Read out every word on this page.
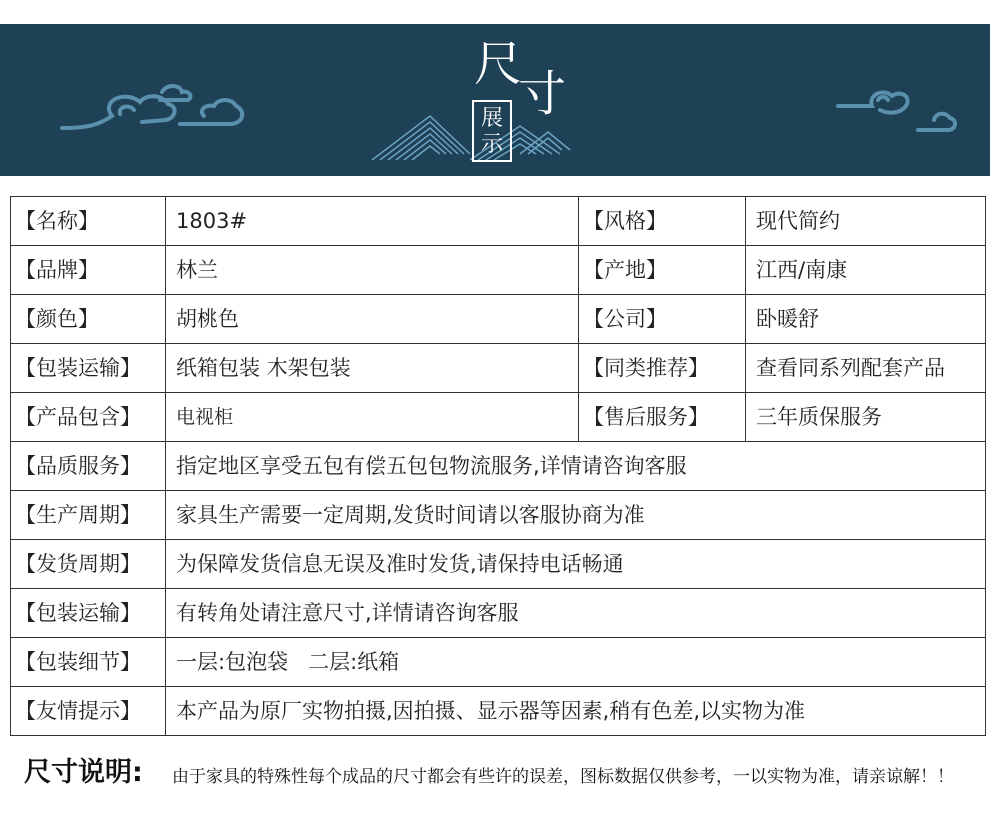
尺
寸
展
示
【名称】	1803#	【风格】	现代简约
【品牌】	林兰	【产地】	江西/南康
【颜色】	胡桃色	【公司】	卧暖舒
【包装运输】	纸箱包装 木架包装	【同类推荐】	查看同系列配套产品
【产品包含】	电视柜	【售后服务】	三年质保服务
【品质服务】	指定地区享受五包有偿五包包物流服务,详情请咨询客服		
【生产周期】	家具生产需要一定周期,发货时间请以客服协商为准		
【发货周期】	为保障发货信息无误及准时发货,请保持电话畅通		
【包装运输】	有转角处请注意尺寸,详情请咨询客服		
【包装细节】	一层:包泡袋   二层:纸箱		
【友情提示】	本产品为原厂实物拍摄,因拍摄、显示器等因素,稍有色差,以实物为准		
尺寸说明: 由于家具的特殊性每个成品的尺寸都会有些许的误差，图标数据仅供参考，一以实物为准，请亲谅解！！
